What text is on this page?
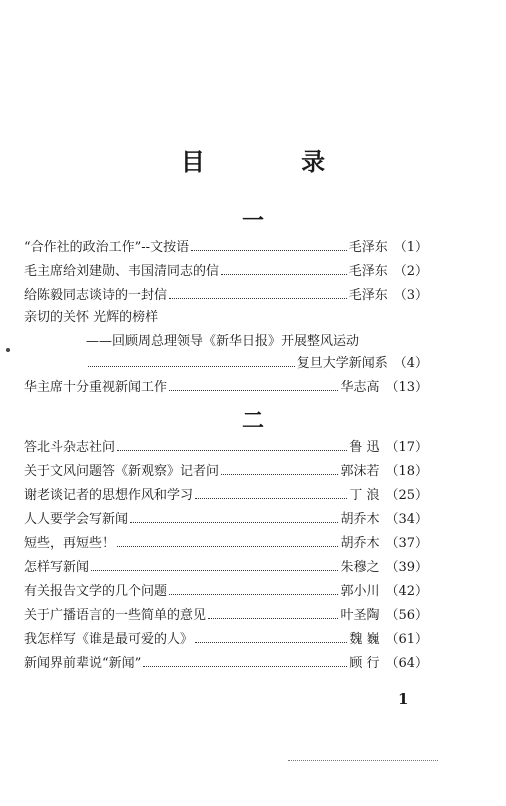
目 录
一
“合作社的政治工作”--文按语	毛泽东 （1）
毛主席给刘建勋、韦国清同志的信	毛泽东 （2）
给陈毅同志谈诗的一封信	毛泽东 （3）
亲切的关怀 光辉的榜样
——回顾周总理领导《新华日报》开展整风运动
复旦大学新闻系 （4）
华主席十分重视新闻工作	华志高 （13）
二
答北斗杂志社问	鲁 迅 （17）
关于文风问题答《新观察》记者问	郭沫若 （18）
谢老谈记者的思想作风和学习	丁 浪 （25）
人人要学会写新闻	胡乔木 （34）
短些，再短些！	胡乔木 （37）
怎样写新闻	朱穆之 （39）
有关报告文学的几个问题	郭小川 （42）
关于广播语言的一些简单的意见	叶圣陶 （56）
我怎样写《谁是最可爱的人》	魏 巍 （61）
新闻界前辈说“新闻”	顾 行 （64）
1
